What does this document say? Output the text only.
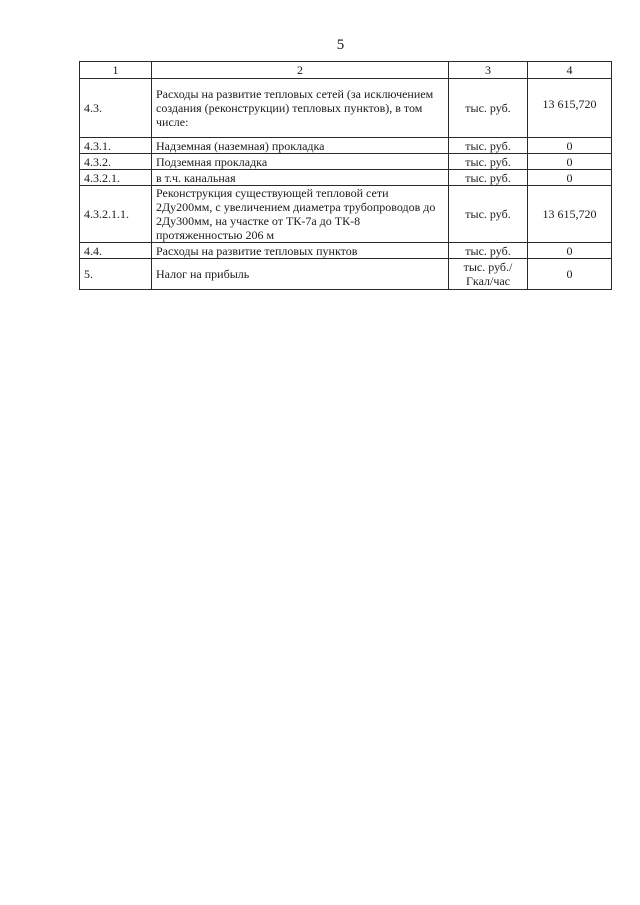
5
1	2	3	4
4.3.	Расходы на развитие тепловых сетей (за исключением создания (реконструкции) тепловых пунктов), в том числе:	тыс. руб.	13 615,720
4.3.1.	Надземная (наземная) прокладка	тыс. руб.	0
4.3.2.	Подземная прокладка	тыс. руб.	0
4.3.2.1.	в т.ч. канальная	тыс. руб.	0
4.3.2.1.1.	Реконструкция существующей тепловой сети 2Ду200мм, с увеличением диаметра трубопроводов до 2Ду300мм, на участке от ТК-7а до ТК-8 протяженностью 206 м	тыс. руб.	13 615,720
4.4.	Расходы на развитие тепловых пунктов	тыс. руб.	0
5.	Налог на прибыль	тыс. руб./Гкал/час	0
